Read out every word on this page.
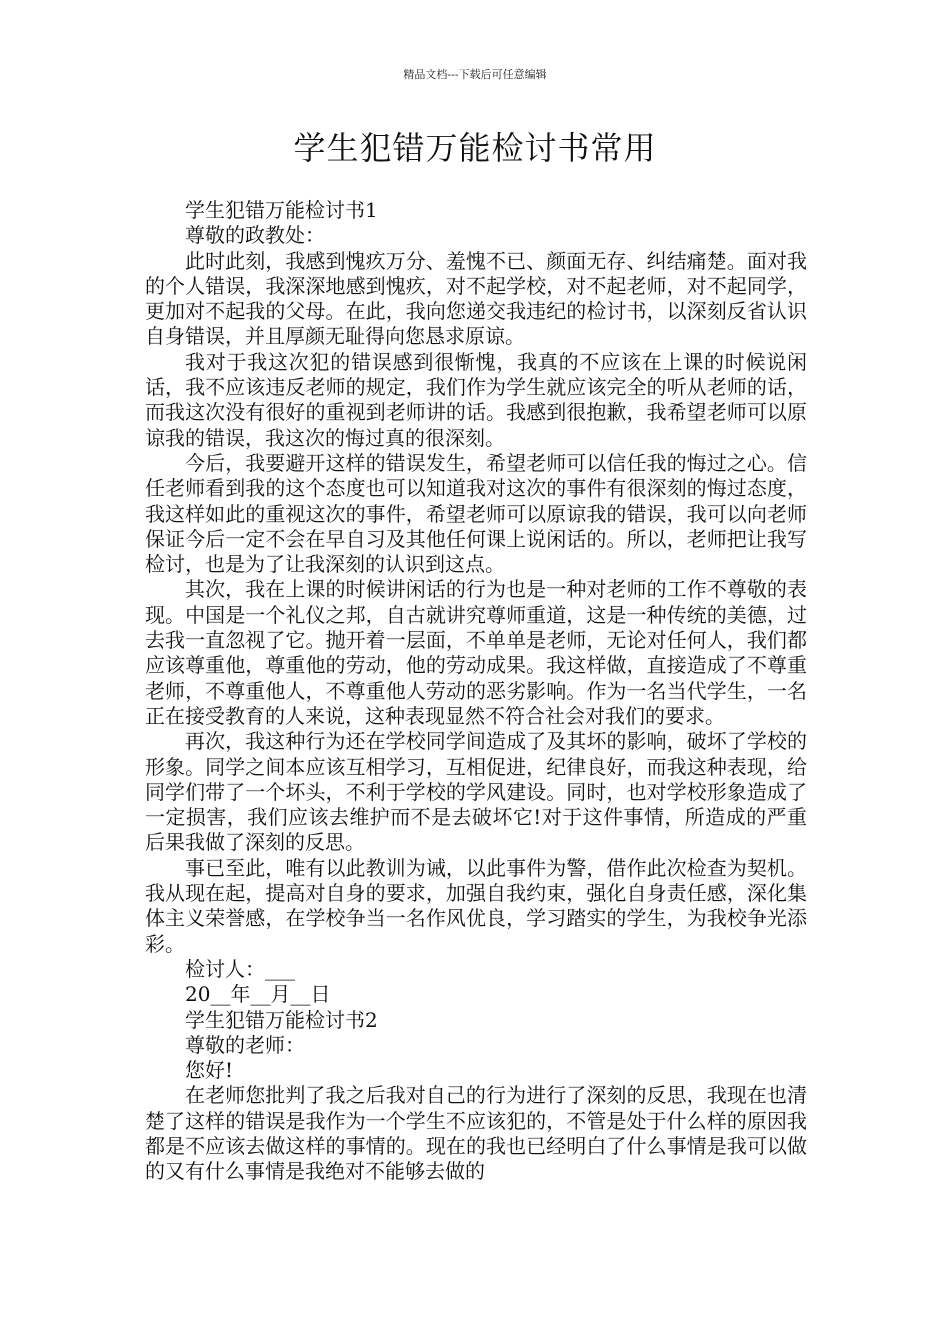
精品文档---下载后可任意编辑
学生犯错万能检讨书常用

学生犯错万能检讨书1

尊敬的政教处：

此时此刻，我感到愧疚万分、羞愧不已、颜面无存、纠结痛楚。面对我的个人错误，我深深地感到愧疚，对不起学校，对不起老师，对不起同学，更加对不起我的父母。在此，我向您递交我违纪的检讨书，以深刻反省认识自身错误，并且厚颜无耻得向您恳求原谅。

我对于我这次犯的错误感到很惭愧，我真的不应该在上课的时候说闲话，我不应该违反老师的规定，我们作为学生就应该完全的听从老师的话，而我这次没有很好的重视到老师讲的话。我感到很抱歉，我希望老师可以原谅我的错误，我这次的悔过真的很深刻。

今后，我要避开这样的错误发生，希望老师可以信任我的悔过之心。信任老师看到我的这个态度也可以知道我对这次的事件有很深刻的悔过态度，我这样如此的重视这次的事件，希望老师可以原谅我的错误，我可以向老师保证今后一定不会在早自习及其他任何课上说闲话的。所以，老师把让我写检讨，也是为了让我深刻的认识到这点。

其次，我在上课的时候讲闲话的行为也是一种对老师的工作不尊敬的表现。中国是一个礼仪之邦，自古就讲究尊师重道，这是一种传统的美德，过去我一直忽视了它。抛开着一层面，不单单是老师，无论对任何人，我们都应该尊重他，尊重他的劳动，他的劳动成果。我这样做，直接造成了不尊重老师，不尊重他人，不尊重他人劳动的恶劣影响。作为一名当代学生，一名正在接受教育的人来说，这种表现显然不符合社会对我们的要求。

再次，我这种行为还在学校同学间造成了及其坏的影响，破坏了学校的形象。同学之间本应该互相学习，互相促进，纪律良好，而我这种表现，给同学们带了一个坏头，不利于学校的学风建设。同时，也对学校形象造成了一定损害，我们应该去维护而不是去破坏它!对于这件事情，所造成的严重后果我做了深刻的反思。

事已至此，唯有以此教训为诫，以此事件为警，借作此次检查为契机。我从现在起，提高对自身的要求，加强自我约束，强化自身责任感，深化集体主义荣誉感，在学校争当一名作风优良，学习踏实的学生，为我校争光添彩。

检讨人：___

20__年__月__日

学生犯错万能检讨书2

尊敬的老师：

您好!

在老师您批判了我之后我对自己的行为进行了深刻的反思，我现在也清楚了这样的错误是我作为一个学生不应该犯的，不管是处于什么样的原因我都是不应该去做这样的事情的。现在的我也已经明白了什么事情是我可以做的又有什么事情是我绝对不能够去做的
